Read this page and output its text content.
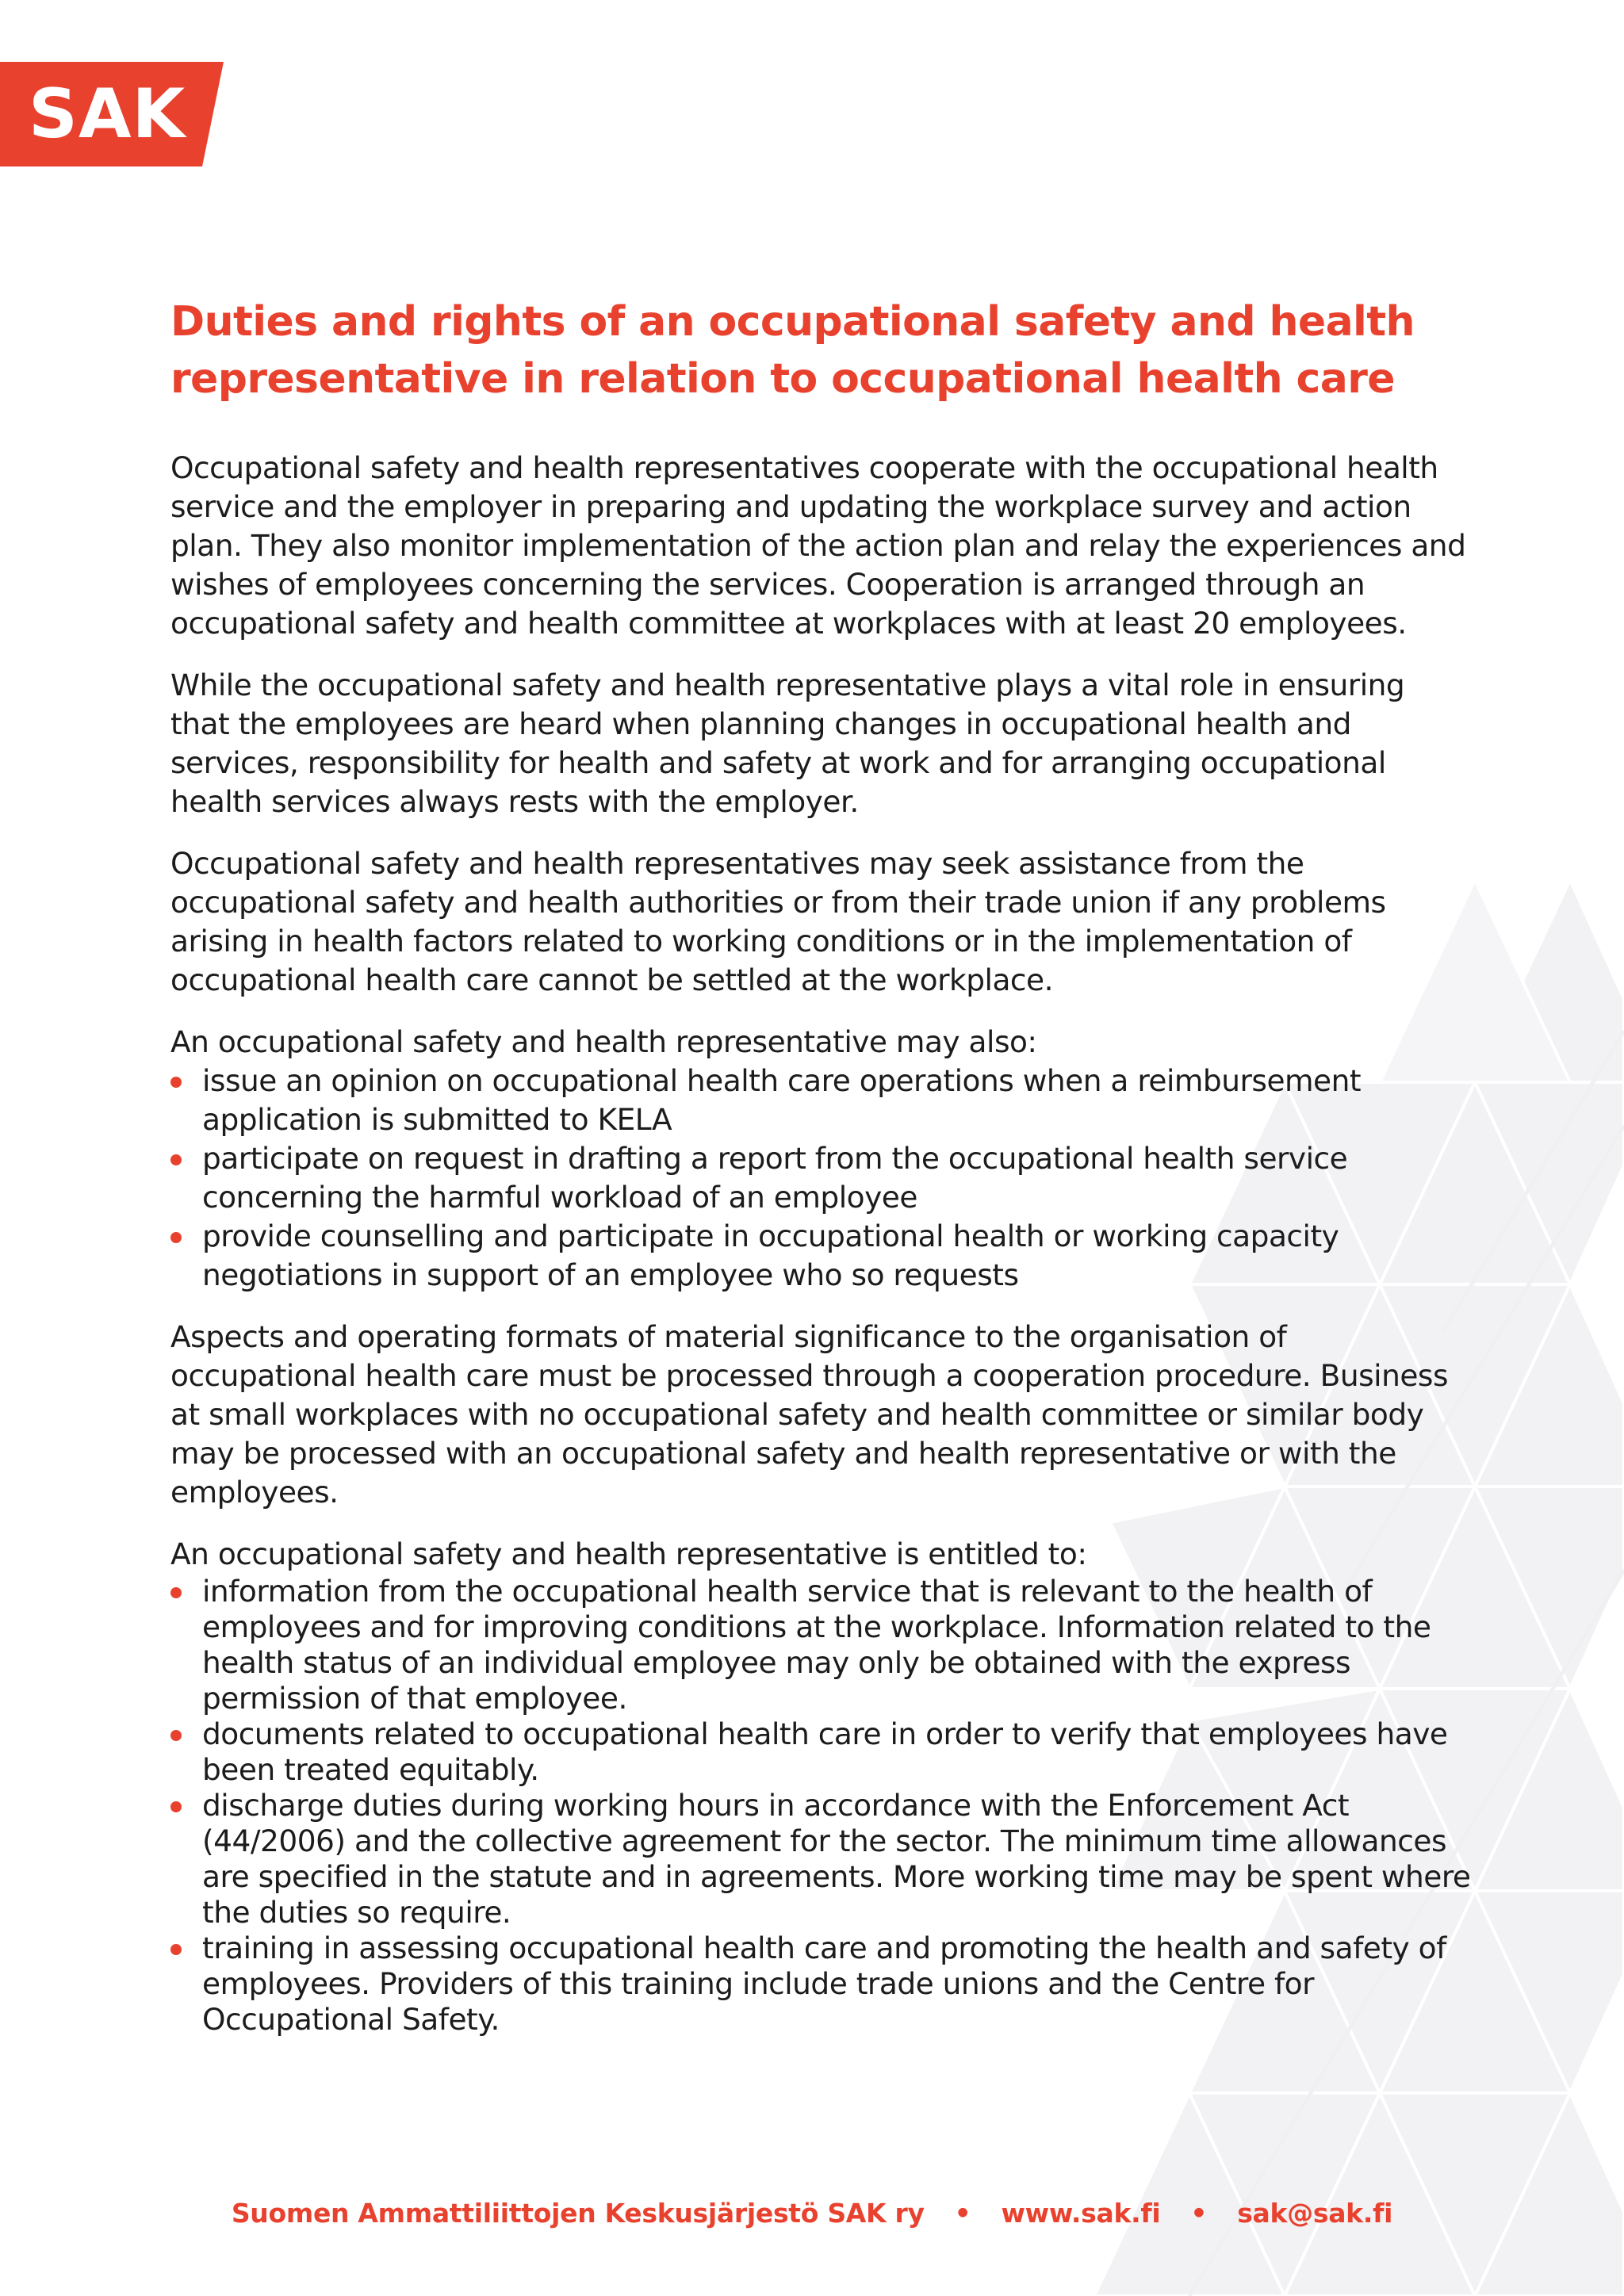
SAK
Duties and rights of an occupational safety and health representative in relation to occupational health care

Occupational safety and health representatives cooperate with the occupational health service and the employer in preparing and updating the workplace survey and action plan. They also monitor implementation of the action plan and relay the experiences and wishes of employees concerning the services. Cooperation is arranged through an occupational safety and health committee at workplaces with at least 20 employees.

While the occupational safety and health representative plays a vital role in ensuring that the employees are heard when planning changes in occupational health and services, responsibility for health and safety at work and for arranging occupational health services always rests with the employer.

Occupational safety and health representatives may seek assistance from the occupational safety and health authorities or from their trade union if any problems arising in health factors related to working conditions or in the implementation of occupational health care cannot be settled at the workplace.

An occupational safety and health representative may also:

issue an opinion on occupational health care operations when a reimbursement application is submitted to KELA
participate on request in drafting a report from the occupational health service concerning the harmful workload of an employee
provide counselling and participate in occupational health or working capacity negotiations in support of an employee who so requests

Aspects and operating formats of material significance to the organisation of occupational health care must be processed through a cooperation procedure. Business at small workplaces with no occupational safety and health committee or similar body may be processed with an occupational safety and health representative or with the employees.

An occupational safety and health representative is entitled to:

information from the occupational health service that is relevant to the health of employees and for improving conditions at the workplace. Information related to the health status of an individual employee may only be obtained with the express permission of that employee.
documents related to occupational health care in order to verify that employees have been treated equitably.
discharge duties during working hours in accordance with the Enforcement Act (44/2006) and the collective agreement for the sector. The minimum time allowances are specified in the statute and in agreements. More working time may be spent where the duties so require.
training in assessing occupational health care and promoting the health and safety of employees. Providers of this training include trade unions and the Centre for Occupational Safety.
Suomen Ammattiliittojen Keskusjärjestö SAK ry • www.sak.fi • sak@sak.fi
